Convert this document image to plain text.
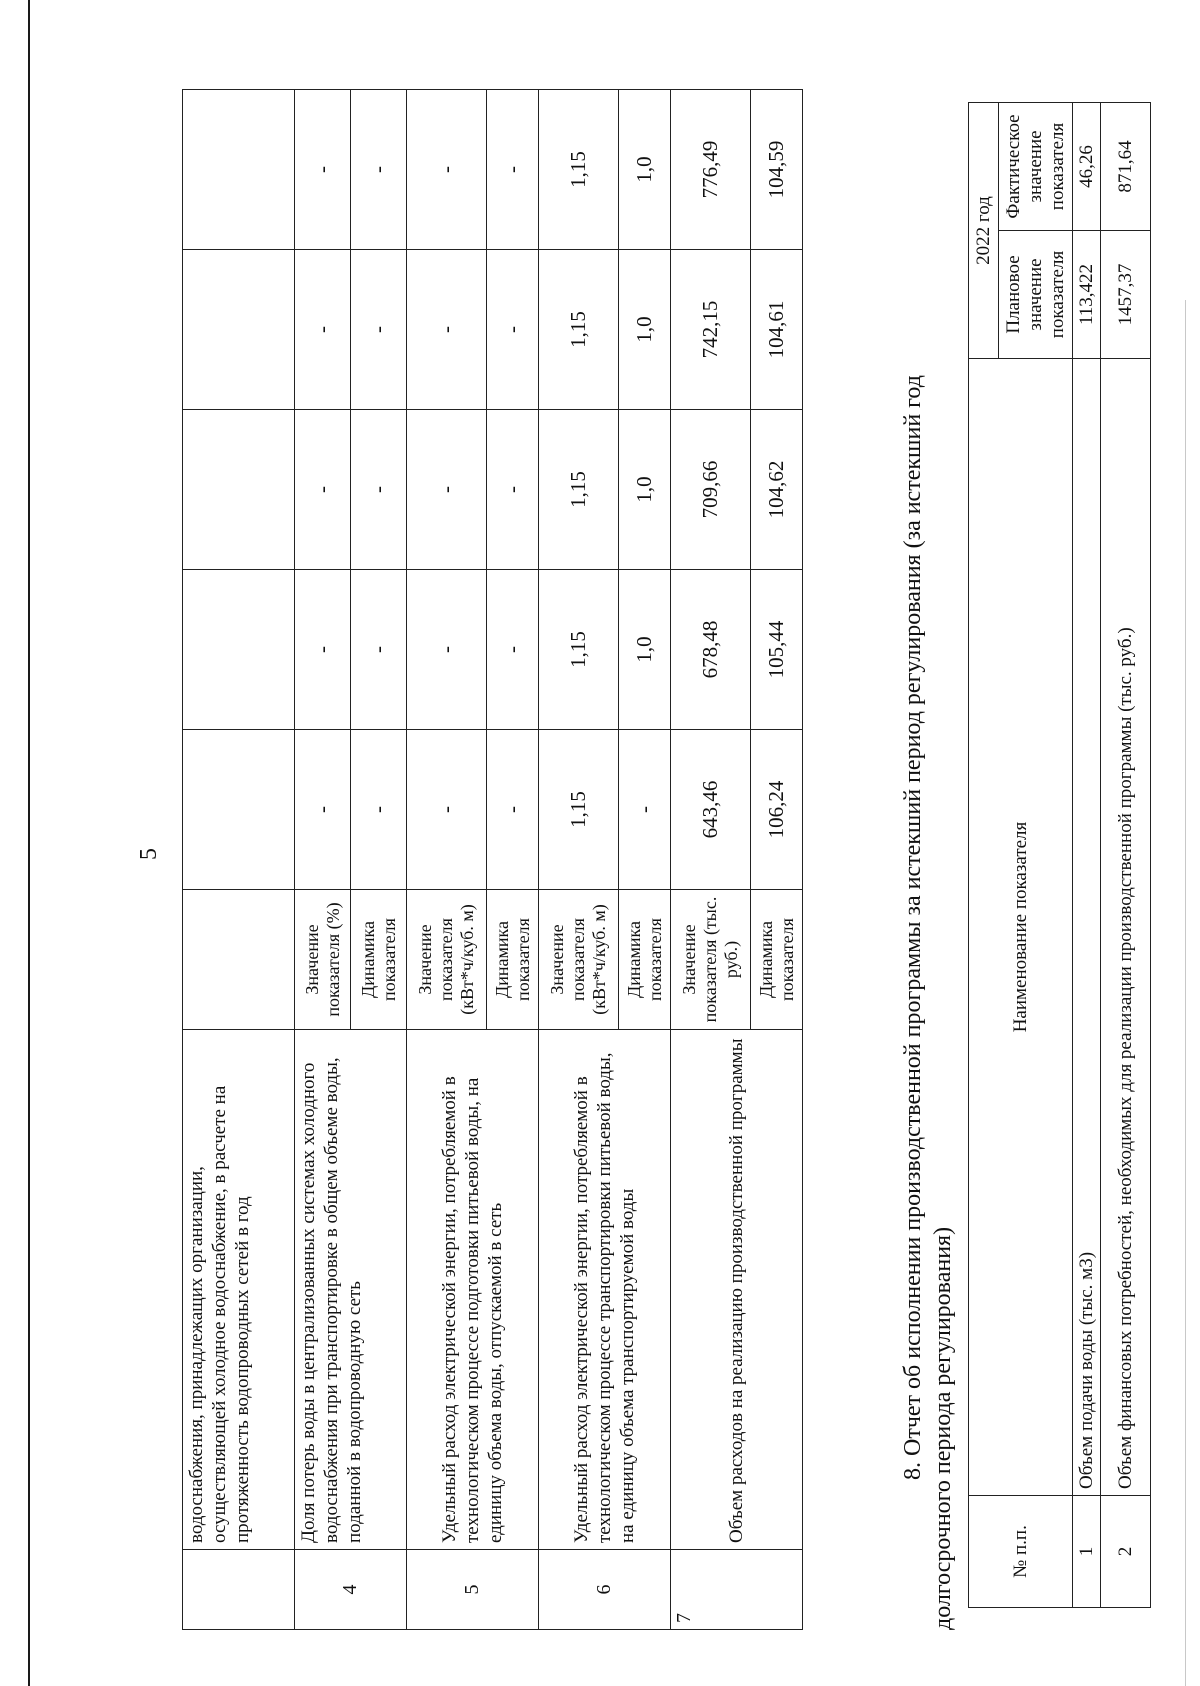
5
	водоснабжения, принадлежащих организации, осуществляющей холодное водоснабжение, в расчете на протяженность водопроводных сетей в год						
4	Доля потерь воды в централизованных системах холодного водоснабжения при транспортировке в общем объеме воды, поданной в водопроводную сеть	Значение показателя (%)	-	-	-	-	-
		Динамика показателя	-	-	-	-	-
5	Удельный расход электрической энергии, потребляемой в технологическом процессе подготовки питьевой воды, на единицу объема воды, отпускаемой в сеть	Значение показателя (кВт*ч/куб. м)	-	-	-	-	-
		Динамика показателя	-	-	-	-	-
6	Удельный расход электрической энергии, потребляемой в технологическом процессе транспортировки питьевой воды, на единицу объема транспортируемой воды	Значение показателя (кВт*ч/куб. м)	1,15	1,15	1,15	1,15	1,15
		Динамика показателя	-	1,0	1,0	1,0	1,0
7	Объем расходов на реализацию производственной программы	Значение показателя (тыс. руб.)	643,46	678,48	709,66	742,15	776,49
		Динамика показателя	106,24	105,44	104,62	104,61	104,59
8. Отчет об исполнении производственной программы за истекший период регулирования (за истекший год долгосрочного периода регулирования)	№ п.п.	Наименование показателя	2022 год	
		Плановое значение показателя	Фактическое значение показателя
1	Объем подачи воды (тыс. м3)	113,422	46,26
2	Объем финансовых потребностей, необходимых для реализации производственной программы (тыс. руб.)	1457,37	871,64
